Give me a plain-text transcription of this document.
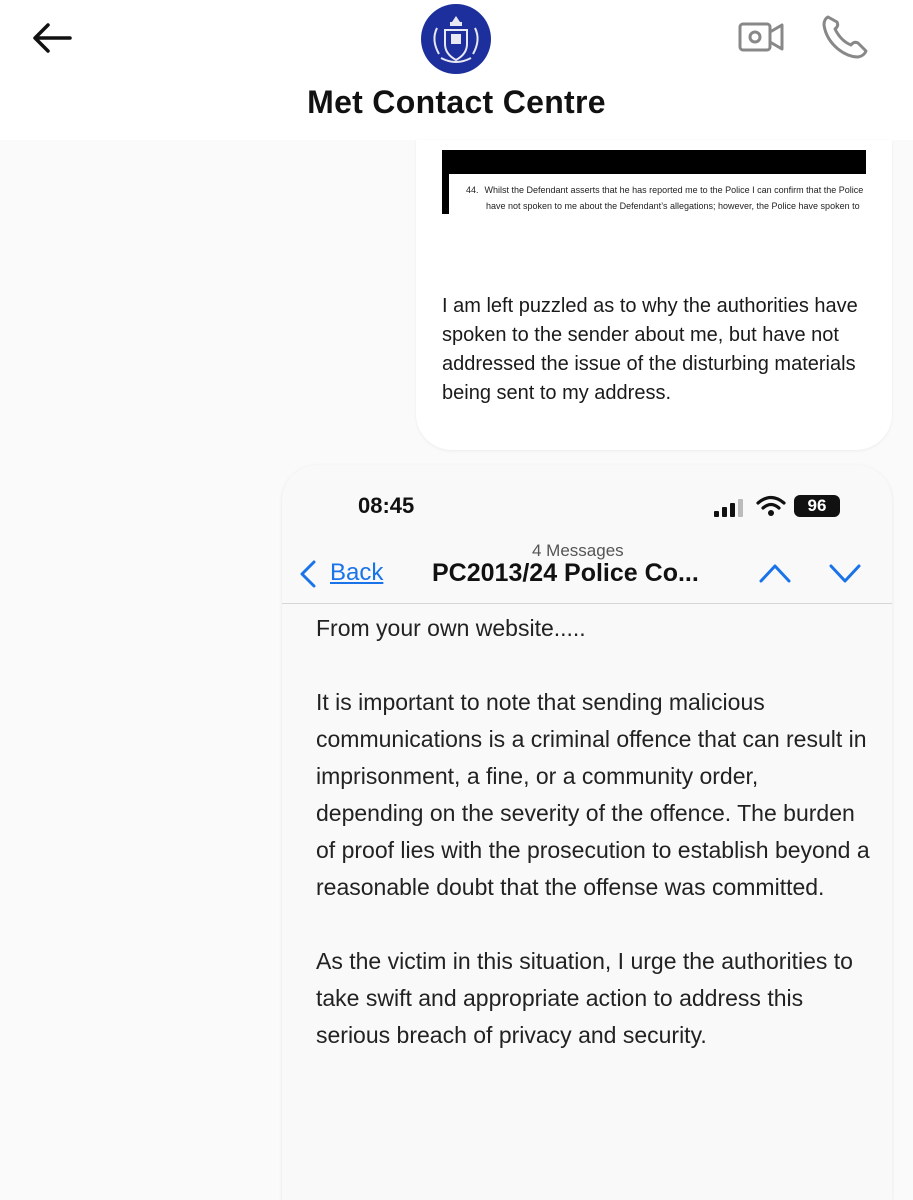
Met Contact Centre
44. Whilst the Defendant asserts that he has reported me to the Police I can confirm that the Police
have not spoken to me about the Defendant’s allegations; however, the Police have spoken to
I am left puzzled as to why the authorities have spoken to the sender about me, but have not addressed the issue of the disturbing materials being sent to my address.
08:45	96
Back
4 Messages
PC2013/24 Police Co...

From your own website.....

It is important to note that sending malicious communications is a criminal offence that can result in imprisonment, a fine, or a community order, depending on the severity of the offence. The burden of proof lies with the prosecution to establish beyond a reasonable doubt that the offense was committed.

As the victim in this situation, I urge the authorities to take swift and appropriate action to address this serious breach of privacy and security.
